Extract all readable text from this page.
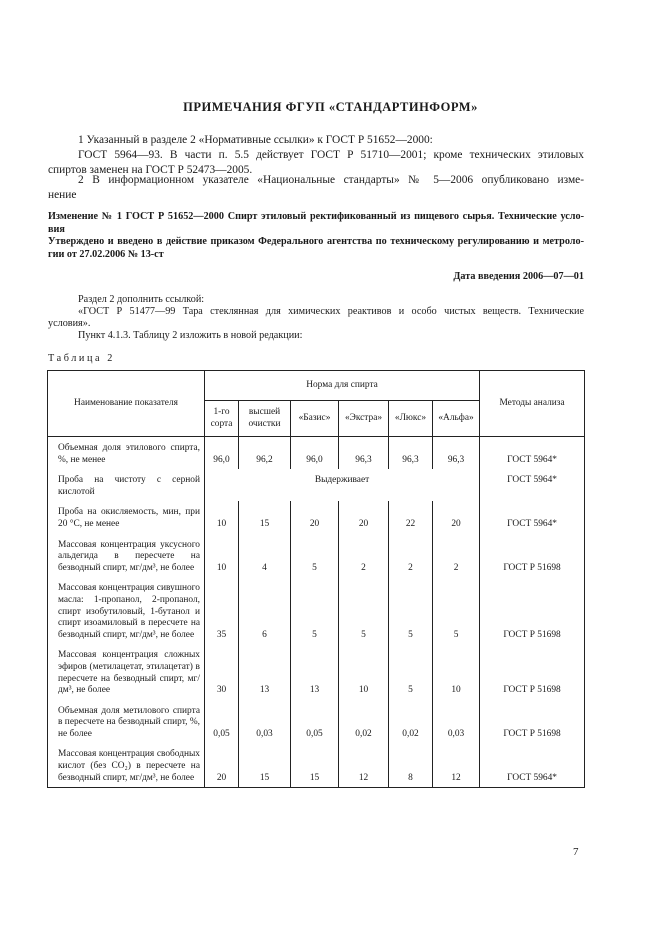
ПРИМЕЧАНИЯ ФГУП «СТАНДАРТИНФОРМ»
1 Указанный в разделе 2 «Нормативные ссылки» к ГОСТ Р 51652—2000:
ГОСТ 5964—93. В части п. 5.5 действует ГОСТ Р 51710—2001; кроме технических этиловых
спиртов заменен на ГОСТ Р 52473—2005.
2 В информационном указателе «Национальные стандарты» № 5—2006 опубликовано изме-
нение
Изменение № 1 ГОСТ Р 51652—2000 Спирт этиловый ректификованный из пищевого сырья. Технические усло-
вия
Утверждено и введено в действие приказом Федерального агентства по техническому регулированию и метроло-
гии от 27.02.2006 № 13-ст
Дата введения 2006—07—01
Раздел 2 дополнить ссылкой:
«ГОСТ Р 51477—99 Тара стеклянная для химических реактивов и особо чистых веществ. Технические
условия».
Пункт 4.1.3. Таблицу 2 изложить в новой редакции:
Таблица 2
Наименование показателя	Норма для спирта						Методы анализа
	1-го сорта	высшей очистки	«Базис»	«Экстра»	«Люкс»	«Альфа»	
Объемная доля этилового спирта, %, не менее	96,0	96,2	96,0	96,3	96,3	96,3	ГОСТ 5964*
Проба на чистоту с серной кислотой	Выдерживает						ГОСТ 5964*
Проба на окисляемость, мин, при 20 °С, не менее	10	15	20	20	22	20	ГОСТ 5964*
Массовая концентрация уксусного альдегида в пересчете на безводный спирт, мг/дм³, не более	10	4	5	2	2	2	ГОСТ Р 51698
Массовая концентрация сивушного масла: 1-пропанол, 2-пропанол, спирт изобутиловый, 1-бутанол и спирт изоамиловый в пересчете на безводный спирт, мг/дм³, не более	35	6	5	5	5	5	ГОСТ Р 51698
Массовая концентрация сложных эфиров (метилацетат, этилацетат) в пересчете на безводный спирт, мг/дм³, не более	30	13	13	10	5	10	ГОСТ Р 51698
Объемная доля метилового спирта в пересчете на безводный спирт, %, не более	0,05	0,03	0,05	0,02	0,02	0,03	ГОСТ Р 51698
Массовая концентрация свободных кислот (без CO₂) в пересчете на безводный спирт, мг/дм³, не более	20	15	15	12	8	12	ГОСТ 5964*
7
